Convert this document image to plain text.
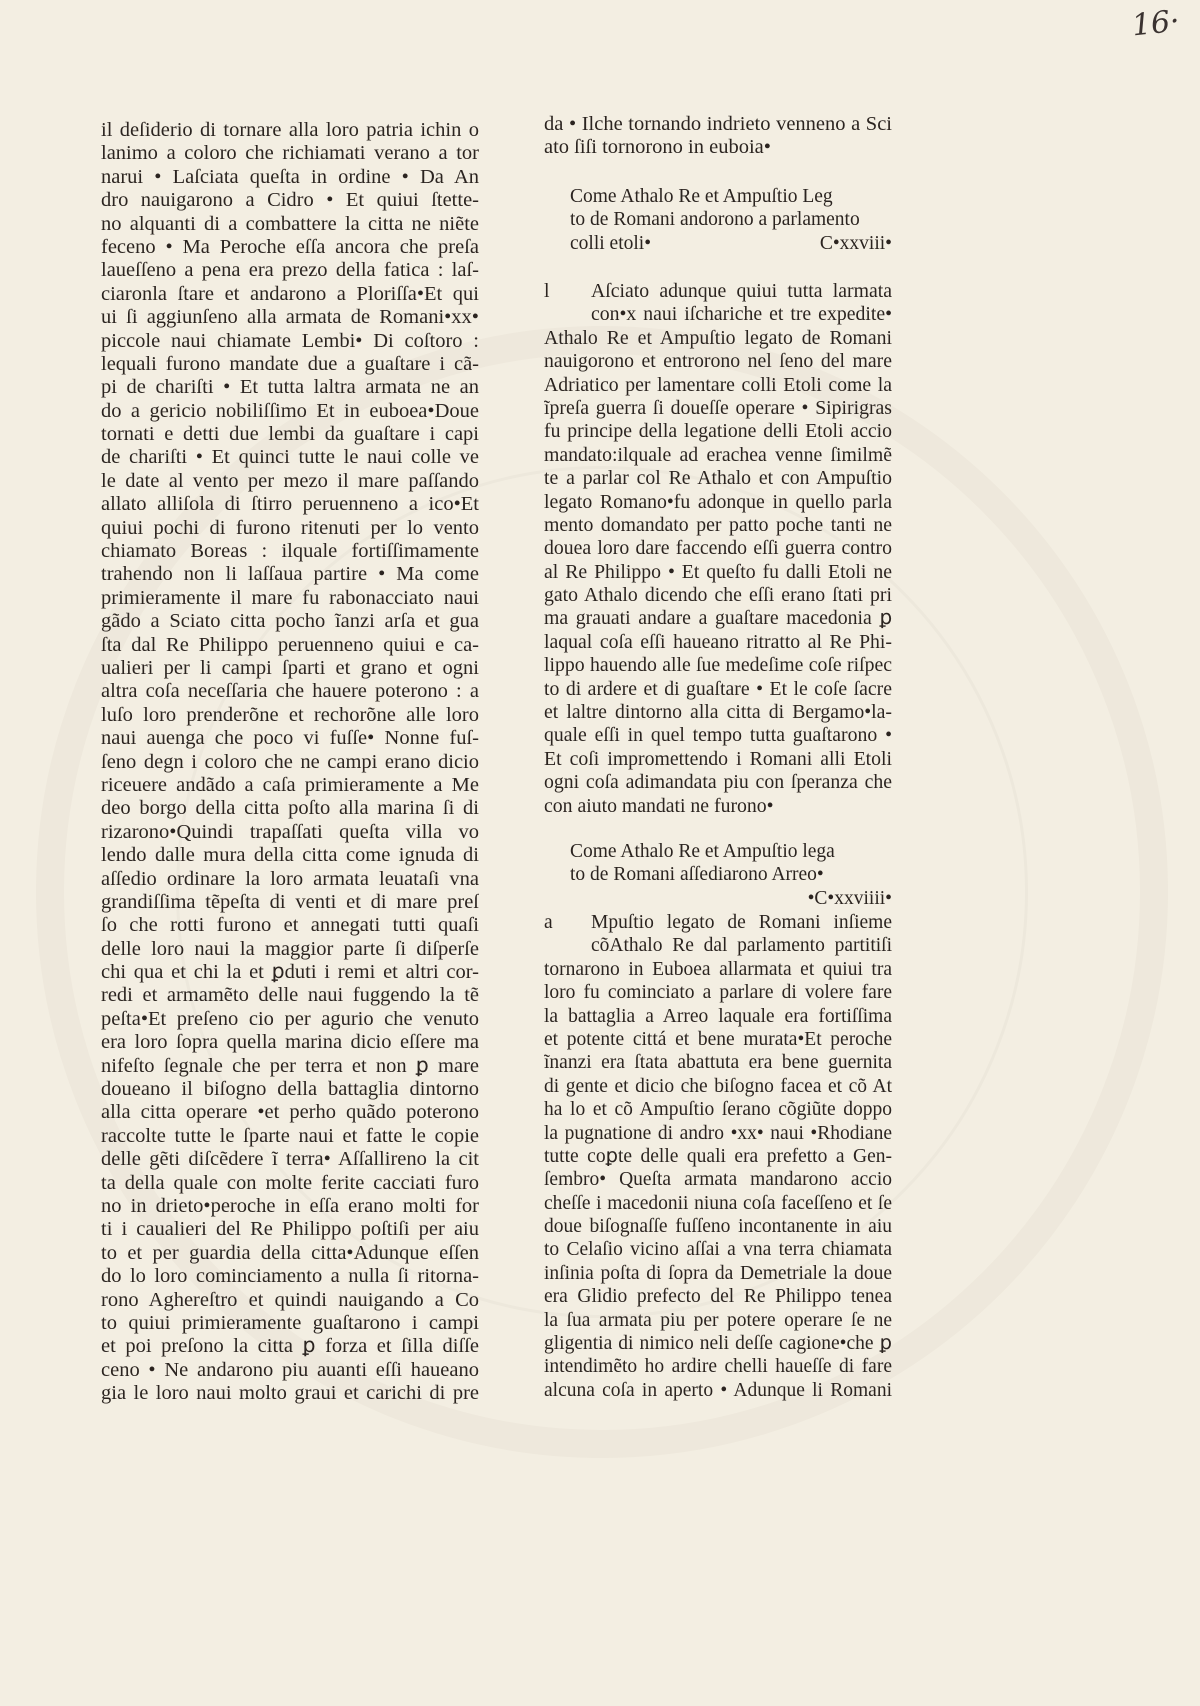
16·
il deſiderio di tornare alla loro patria ichin o
lanimo a coloro che richiamati verano a tor
narui • Laſciata queſta in ordine • Da An
dro nauigarono a Cidro • Et quiui ſtette-
no alquanti di a combattere la citta ne niẽte
feceno • Ma Peroche eſſa ancora che preſa
laueſſeno a pena era prezo della fatica : laſ-
ciaronla ſtare et andarono a Ploriſſa•Et qui
ui ſi aggiunſeno alla armata de Romani•xx•
piccole naui chiamate Lembi• Di coſtoro :
lequali furono mandate due a guaſtare i cã-
pi de chariſti • Et tutta laltra armata ne an
do a gericio nobiliſſimo Et in euboea•Doue
tornati e detti due lembi da guaſtare i capi
de chariſti • Et quinci tutte le naui colle ve
le date al vento per mezo il mare paſſando
allato alliſola di ſtirro peruenneno a ico•Et
quiui pochi di furono ritenuti per lo vento
chiamato Boreas : ilquale fortiſſimamente
trahendo non li laſſaua partire • Ma come
primieramente il mare fu rabonacciato naui
gãdo a Sciato citta pocho ĩanzi arſa et gua
ſta dal Re Philippo peruenneno quiui e ca-
ualieri per li campi ſparti et grano et ogni
altra coſa neceſſaria che hauere poterono : a
luſo loro prenderõne et rechorõne alle loro
naui auenga che poco vi fuſſe• Nonne fuſ-
ſeno degn i coloro che ne campi erano dicio
riceuere andãdo a caſa primieramente a Me
deo borgo della citta poſto alla marina ſi di
rizarono•Quindi trapaſſati queſta villa vo
lendo dalle mura della citta come ignuda di
aſſedio ordinare la loro armata leuataſi vna
grandiſſima tẽpeſta di venti et di mare preſ
ſo che rotti furono et annegati tutti quaſi
delle loro naui la maggior parte ſi diſperſe
chi qua et chi la et ꝑduti i remi et altri cor-
redi et armamẽto delle naui fuggendo la tẽ
peſta•Et preſeno cio per agurio che venuto
era loro ſopra quella marina dicio eſſere ma
nifeſto ſegnale che per terra et non ꝑ mare
doueano il biſogno della battaglia dintorno
alla citta operare •et perho quãdo poterono
raccolte tutte le ſparte naui et fatte le copie
delle gẽti diſcẽdere ĩ terra• Aſſallireno la cit
ta della quale con molte ferite cacciati furo
no in drieto•peroche in eſſa erano molti for
ti i caualieri del Re Philippo poſtiſi per aiu
to et per guardia della citta•Adunque eſſen
do lo loro cominciamento a nulla ſi ritorna-
rono Aghereſtro et quindi nauigando a Co
to quiui primieramente guaſtarono i campi
et poi preſono la citta ꝑ forza et ſilla diſſe
ceno • Ne andarono piu auanti eſſi haueano
gia le loro naui molto graui et carichi di pre
da • Ilche tornando indrieto venneno a Sci
ato ſiſi tornorono in euboia•
Come Athalo Re et Ampuſtio Leg
to de Romani andorono a parlamento
colli etoli•	C•xxviii•
l	Aſciato adunque quiui tutta larmata
con•x naui iſchariche et tre expedite•
Athalo Re et Ampuſtio legato de Romani
nauigorono et entrorono nel ſeno del mare
Adriatico per lamentare colli Etoli come la
ĩpreſa guerra ſi doueſſe operare • Sipirigras
fu principe della legatione delli Etoli accio
mandato:ilquale ad erachea venne ſimilmẽ
te a parlar col Re Athalo et con Ampuſtio
legato Romano•fu adonque in quello parla
mento domandato per patto poche tanti ne
douea loro dare faccendo eſſi guerra contro
al Re Philippo • Et queſto fu dalli Etoli ne
gato Athalo dicendo che eſſi erano ſtati pri
ma grauati andare a guaſtare macedonia ꝑ
laqual coſa eſſi haueano ritratto al Re Phi-
lippo hauendo alle ſue medeſime coſe riſpec
to di ardere et di guaſtare • Et le coſe ſacre
et laltre dintorno alla citta di Bergamo•la-
quale eſſi in quel tempo tutta guaſtarono •
Et coſi impromettendo i Romani alli Etoli
ogni coſa adimandata piu con ſperanza che
con aiuto mandati ne furono•
Come Athalo Re et Ampuſtio lega
to de Romani aſſediarono Arreo•
•C•xxviiii•
a	Mpuſtio legato de Romani inſieme
cõAthalo Re dal parlamento partitiſi
tornarono in Euboea allarmata et quiui tra
loro fu cominciato a parlare di volere fare
la battaglia a Arreo laquale era fortiſſima
et potente cittá et bene murata•Et peroche
ĩnanzi era ſtata abattuta era bene guernita
di gente et dicio che biſogno facea et cõ At
ha lo et cõ Ampuſtio ſerano cõgiũte doppo
la pugnatione di andro •xx• naui •Rhodiane
tutte coꝑte delle quali era prefetto a Gen-
ſembro• Queſta armata mandarono accio
cheſſe i macedonii niuna coſa faceſſeno et ſe
doue biſognaſſe fuſſeno incontanente in aiu
to Celaſio vicino aſſai a vna terra chiamata
inſinia poſta di ſopra da Demetriale la doue
era Glidio prefecto del Re Philippo tenea
la ſua armata piu per potere operare ſe ne
gligentia di nimico neli deſſe cagione•che ꝑ
intendimẽto ho ardire chelli haueſſe di fare
alcuna coſa in aperto • Adunque li Romani
